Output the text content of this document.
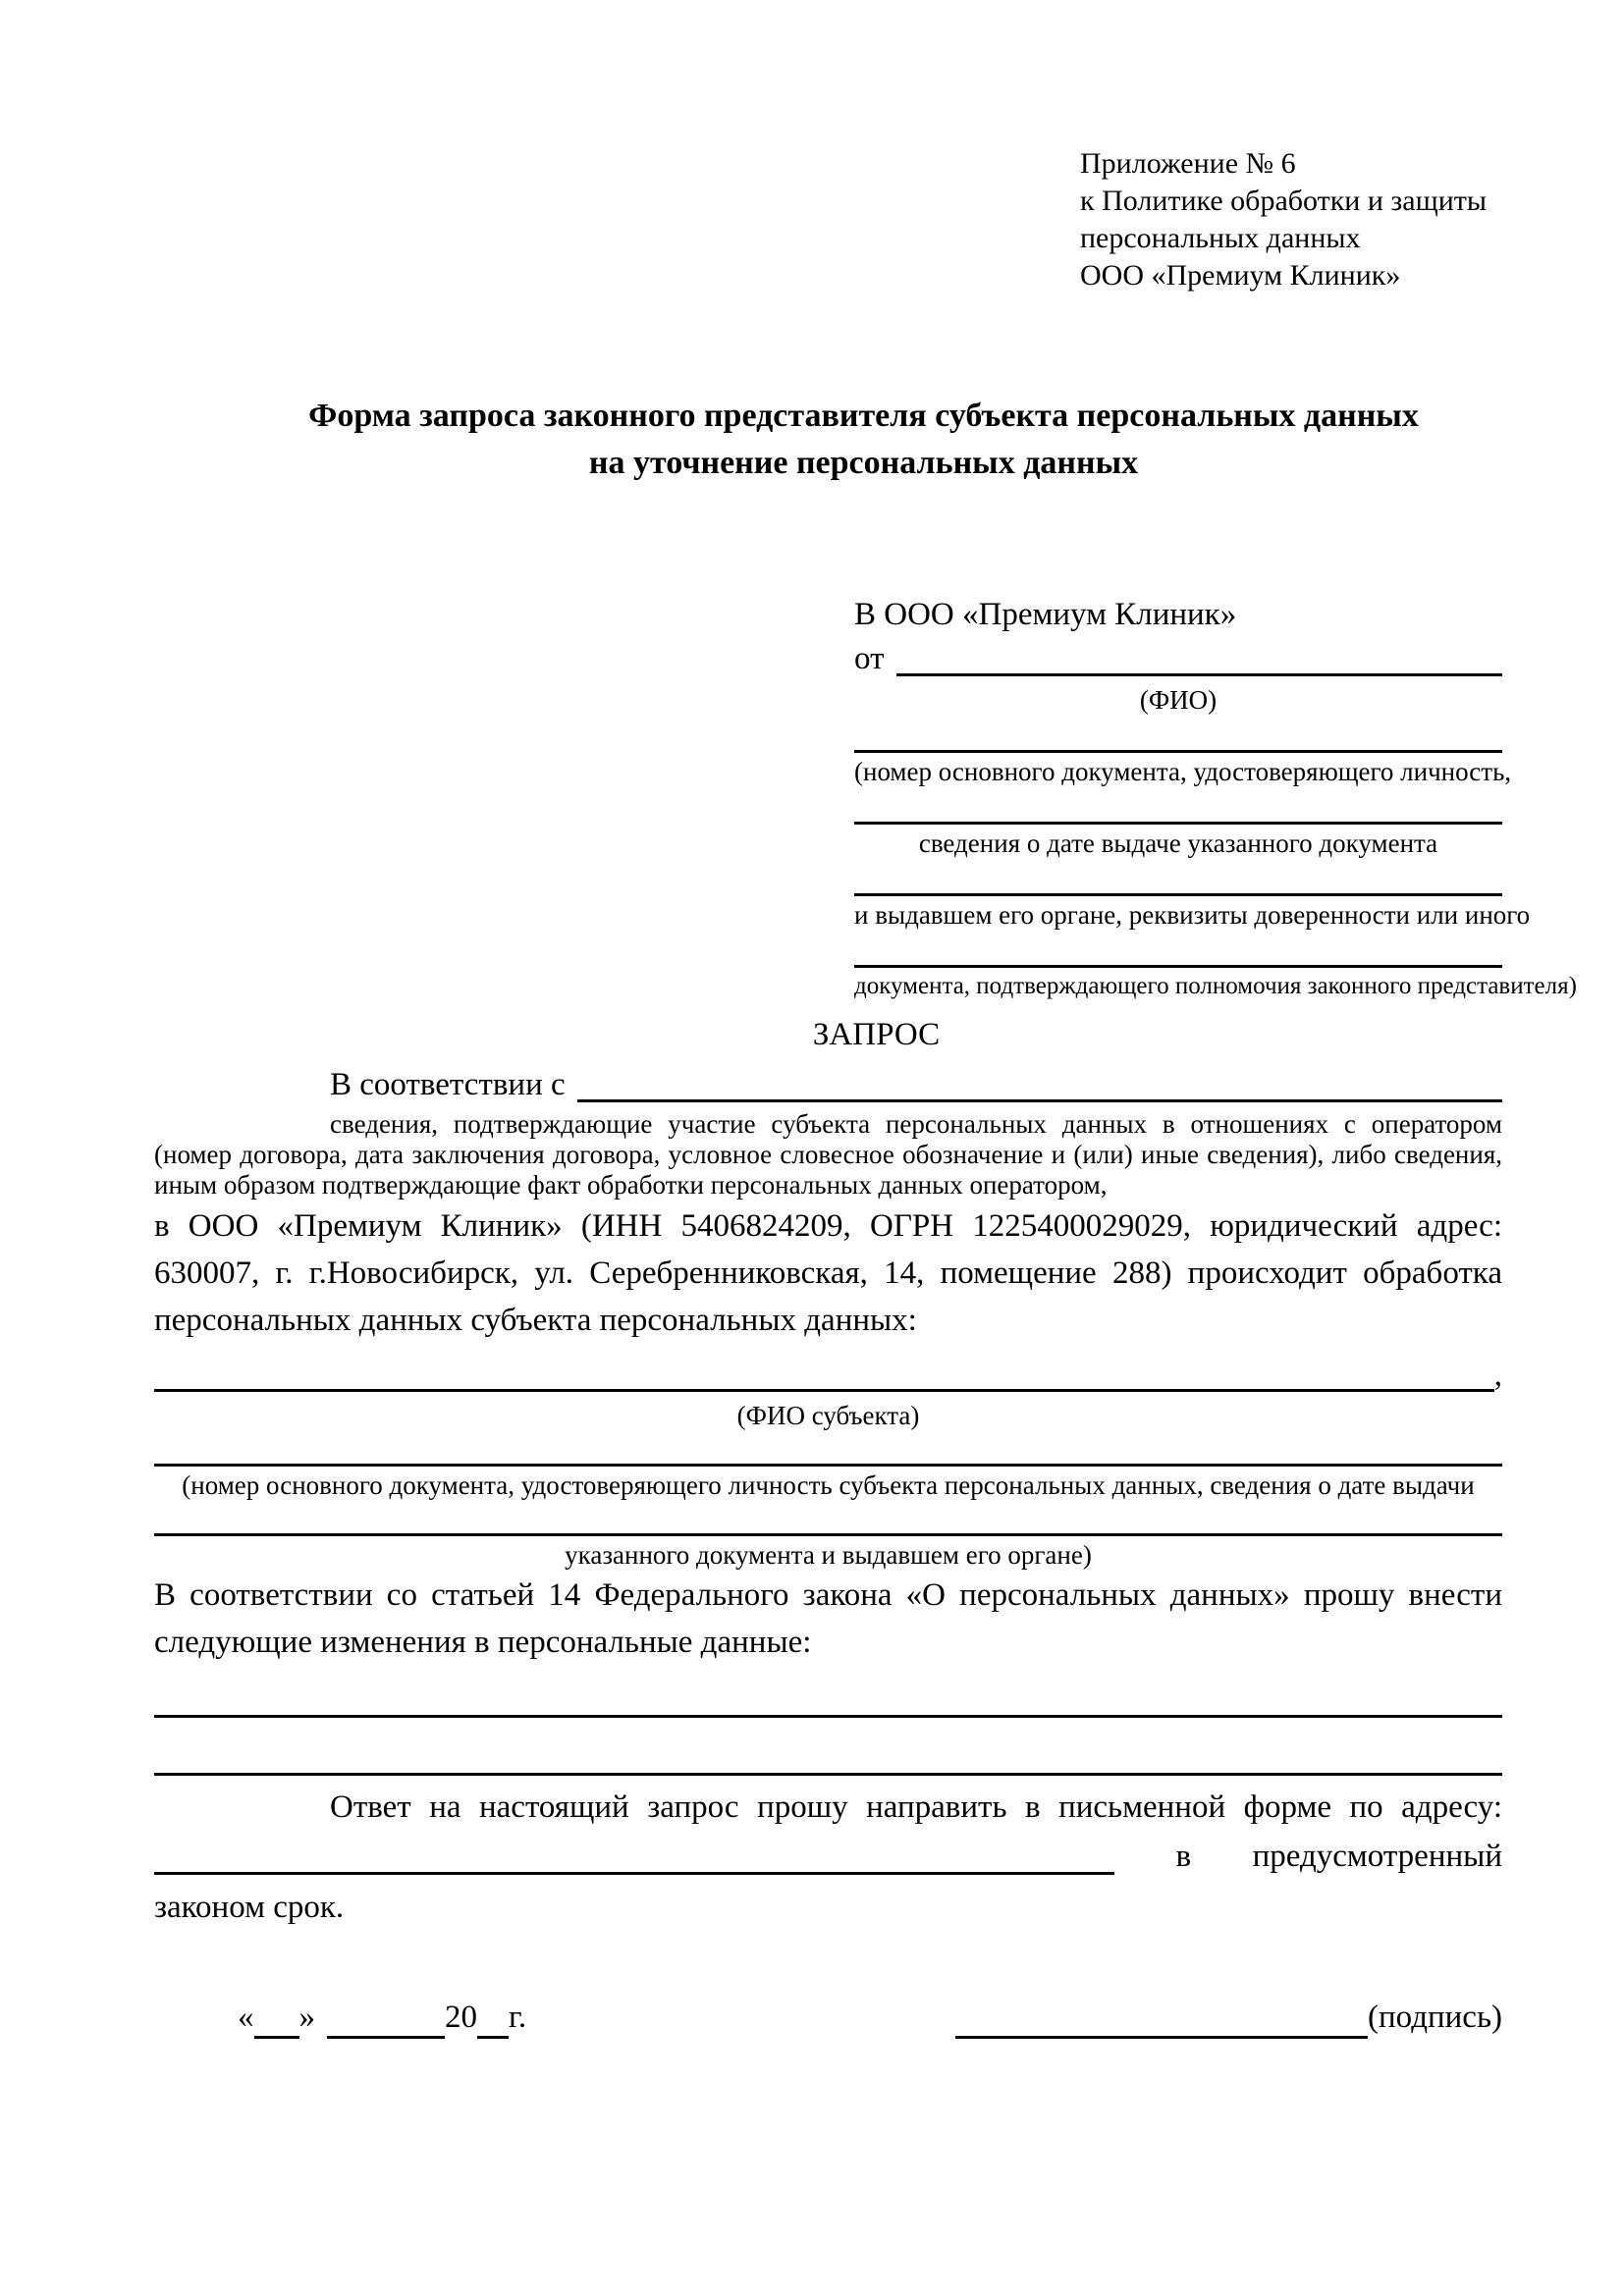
Приложение № 6
к Политике обработки и защиты
персональных данных
ООО «Премиум Клиник»
Форма запроса законного представителя субъекта персональных данных
на уточнение персональных данных
В ООО «Премиум Клиник»
от
(ФИО)
(номер основного документа, удостоверяющего личность,
сведения о дате выдаче указанного документа
и выдавшем его органе, реквизиты доверенности или иного
документа, подтверждающего полномочия законного представителя)
ЗАПРОС
В соответствии с

сведения, подтверждающие участие субъекта персональных данных в отношениях с оператором (номер договора, дата заключения договора, условное словесное обозначение и (или) иные сведения), либо сведения, иным образом подтверждающие факт обработки персональных данных оператором,

в ООО «Премиум Клиник» (ИНН 5406824209, ОГРН 1225400029029, юридический адрес: 630007, г. г.Новосибирск, ул. Серебренниковская, 14, помещение 288) происходит обработка персональных данных субъекта персональных данных:

,
(ФИО субъекта)
(номер основного документа, удостоверяющего личность субъекта персональных данных, сведения о дате выдачи
указанного документа и выдавшем его органе)

В соответствии со статьей 14 Федерального закона «О персональных данных» прошу внести следующие изменения в персональные данные:

Ответ на настоящий запрос прошу направить в письменной форме по адресу:
в предусмотренный
законом срок.
« »	20 г.	(подпись)
